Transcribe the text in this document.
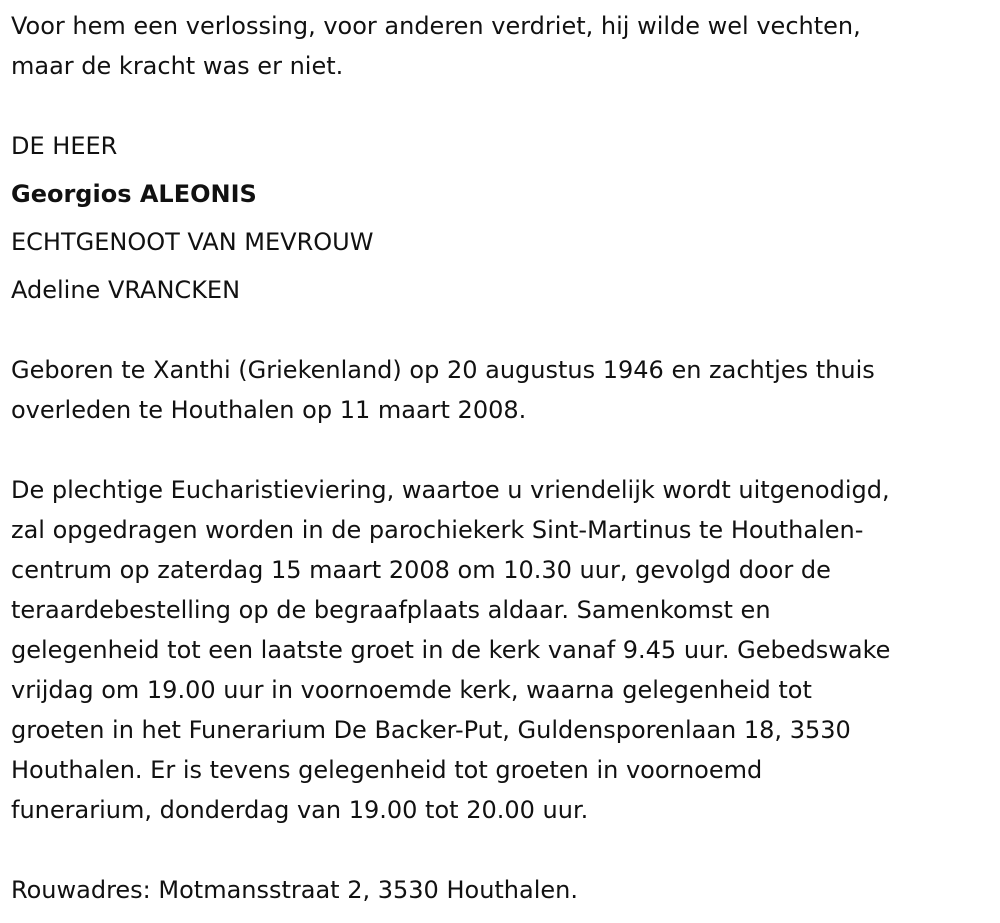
Voor hem een verlossing, voor anderen verdriet, hij wilde wel vechten,
maar de kracht was er niet.

DE HEER
Georgios ALEONIS
ECHTGENOOT VAN MEVROUW
Adeline VRANCKEN

Geboren te Xanthi (Griekenland) op 20 augustus 1946 en zachtjes thuis
overleden te Houthalen op 11 maart 2008.

De plechtige Eucharistieviering, waartoe u vriendelijk wordt uitgenodigd,
zal opgedragen worden in de parochiekerk Sint-Martinus te Houthalen-
centrum op zaterdag 15 maart 2008 om 10.30 uur, gevolgd door de
teraardebestelling op de begraafplaats aldaar. Samenkomst en
gelegenheid tot een laatste groet in de kerk vanaf 9.45 uur. Gebedswake
vrijdag om 19.00 uur in voornoemde kerk, waarna gelegenheid tot
groeten in het Funerarium De Backer-Put, Guldensporenlaan 18, 3530
Houthalen. Er is tevens gelegenheid tot groeten in voornoemd
funerarium, donderdag van 19.00 tot 20.00 uur.

Rouwadres: Motmansstraat 2, 3530 Houthalen.
